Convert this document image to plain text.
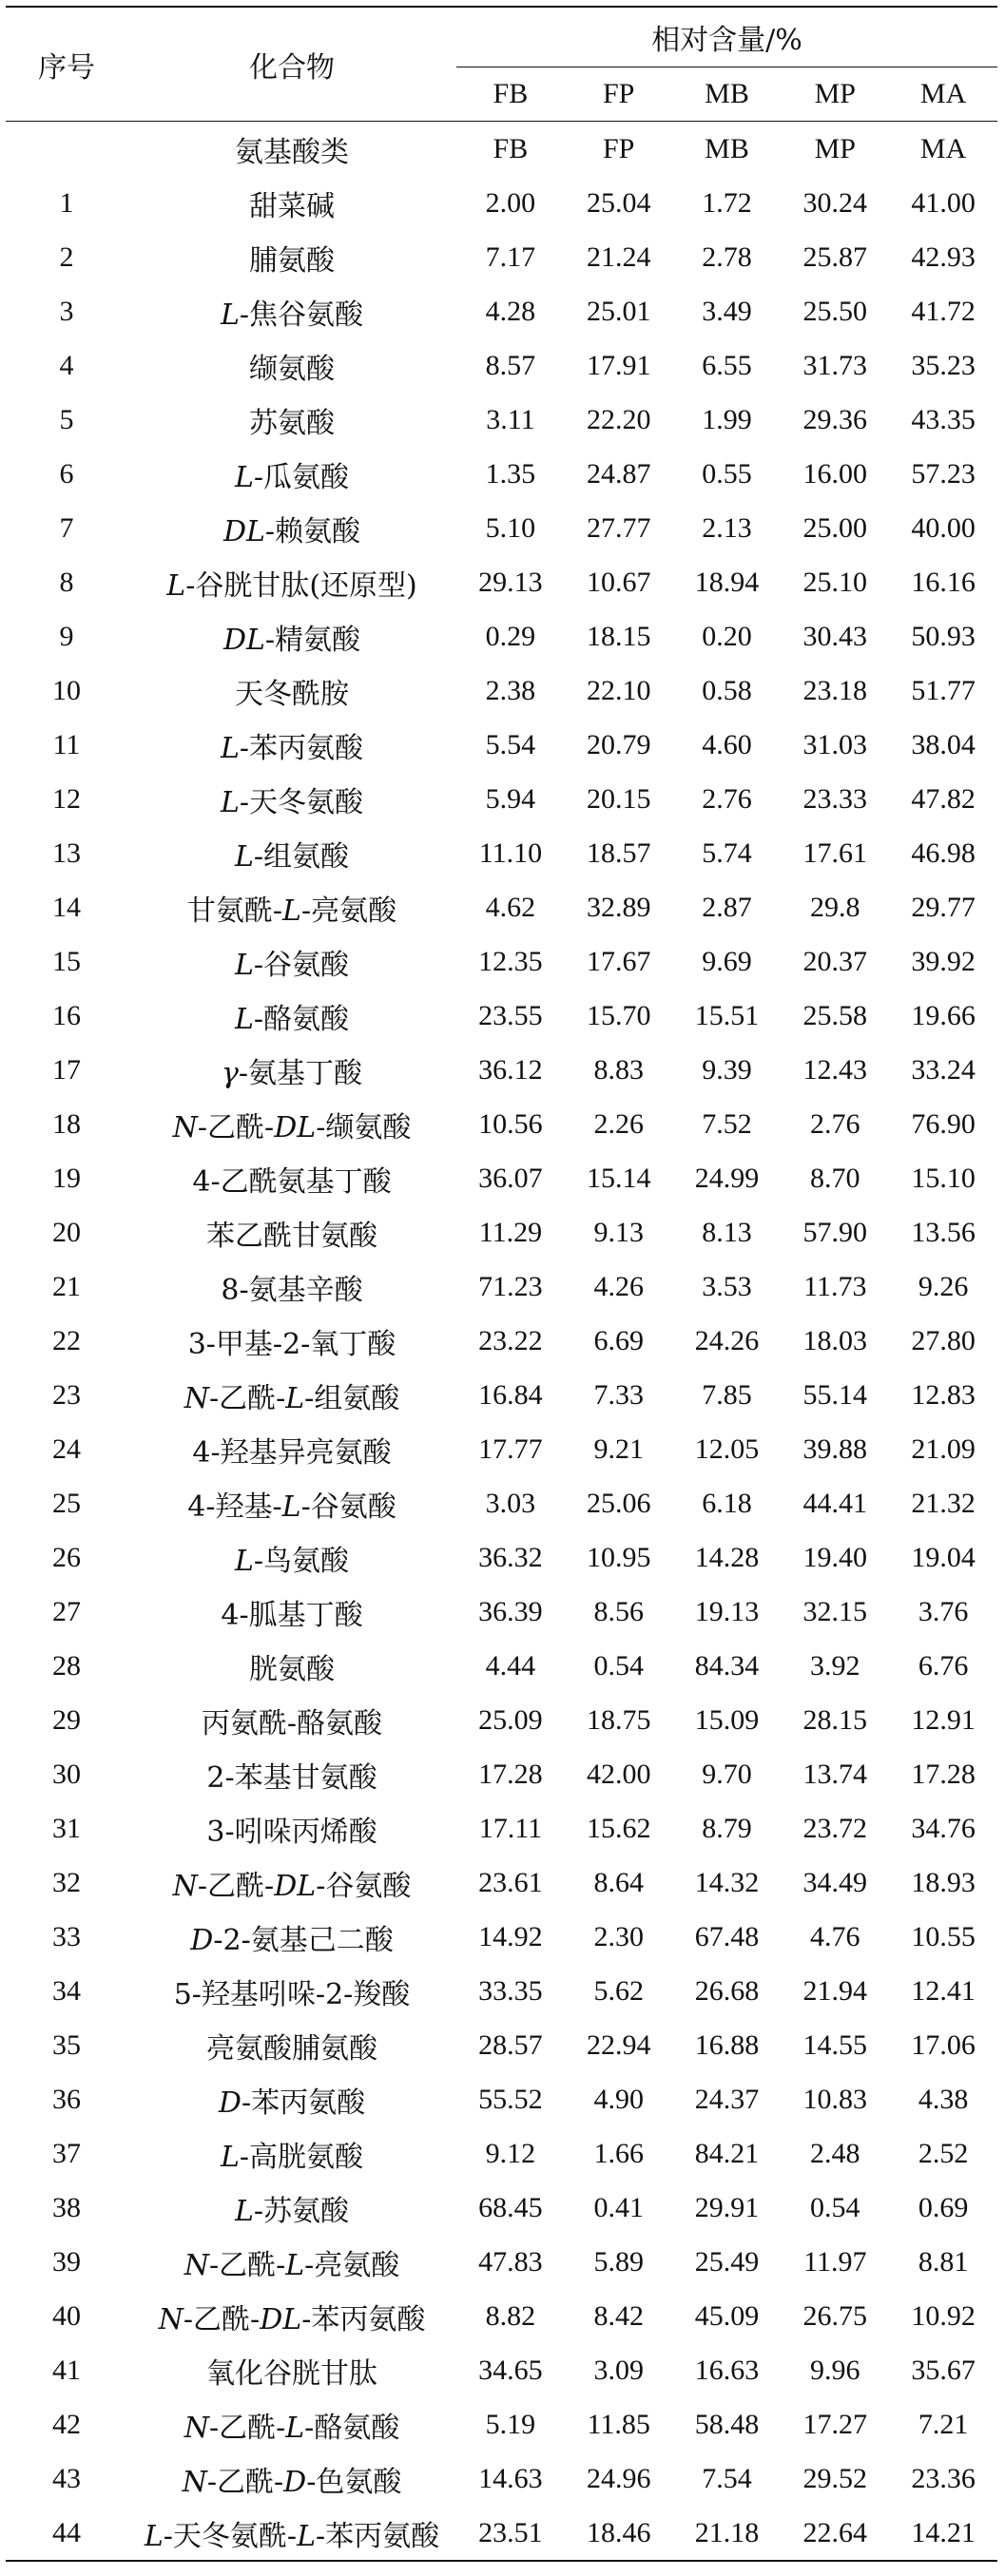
序号	化合物	相对含量/%				
		FB	FP	MB	MP	MA
	氨基酸类	FB	FP	MB	MP	MA
1	甜菜碱	2.00	25.04	1.72	30.24	41.00
2	脯氨酸	7.17	21.24	2.78	25.87	42.93
3	L-焦谷氨酸	4.28	25.01	3.49	25.50	41.72
4	缬氨酸	8.57	17.91	6.55	31.73	35.23
5	苏氨酸	3.11	22.20	1.99	29.36	43.35
6	L-瓜氨酸	1.35	24.87	0.55	16.00	57.23
7	DL-赖氨酸	5.10	27.77	2.13	25.00	40.00
8	L-谷胱甘肽(还原型)	29.13	10.67	18.94	25.10	16.16
9	DL-精氨酸	0.29	18.15	0.20	30.43	50.93
10	天冬酰胺	2.38	22.10	0.58	23.18	51.77
11	L-苯丙氨酸	5.54	20.79	4.60	31.03	38.04
12	L-天冬氨酸	5.94	20.15	2.76	23.33	47.82
13	L-组氨酸	11.10	18.57	5.74	17.61	46.98
14	甘氨酰-L-亮氨酸	4.62	32.89	2.87	29.8	29.77
15	L-谷氨酸	12.35	17.67	9.69	20.37	39.92
16	L-酪氨酸	23.55	15.70	15.51	25.58	19.66
17	γ-氨基丁酸	36.12	8.83	9.39	12.43	33.24
18	N-乙酰-DL-缬氨酸	10.56	2.26	7.52	2.76	76.90
19	4-乙酰氨基丁酸	36.07	15.14	24.99	8.70	15.10
20	苯乙酰甘氨酸	11.29	9.13	8.13	57.90	13.56
21	8-氨基辛酸	71.23	4.26	3.53	11.73	9.26
22	3-甲基-2-氧丁酸	23.22	6.69	24.26	18.03	27.80
23	N-乙酰-L-组氨酸	16.84	7.33	7.85	55.14	12.83
24	4-羟基异亮氨酸	17.77	9.21	12.05	39.88	21.09
25	4-羟基-L-谷氨酸	3.03	25.06	6.18	44.41	21.32
26	L-鸟氨酸	36.32	10.95	14.28	19.40	19.04
27	4-胍基丁酸	36.39	8.56	19.13	32.15	3.76
28	胱氨酸	4.44	0.54	84.34	3.92	6.76
29	丙氨酰-酪氨酸	25.09	18.75	15.09	28.15	12.91
30	2-苯基甘氨酸	17.28	42.00	9.70	13.74	17.28
31	3-吲哚丙烯酸	17.11	15.62	8.79	23.72	34.76
32	N-乙酰-DL-谷氨酸	23.61	8.64	14.32	34.49	18.93
33	D-2-氨基己二酸	14.92	2.30	67.48	4.76	10.55
34	5-羟基吲哚-2-羧酸	33.35	5.62	26.68	21.94	12.41
35	亮氨酸脯氨酸	28.57	22.94	16.88	14.55	17.06
36	D-苯丙氨酸	55.52	4.90	24.37	10.83	4.38
37	L-高胱氨酸	9.12	1.66	84.21	2.48	2.52
38	L-苏氨酸	68.45	0.41	29.91	0.54	0.69
39	N-乙酰-L-亮氨酸	47.83	5.89	25.49	11.97	8.81
40	N-乙酰-DL-苯丙氨酸	8.82	8.42	45.09	26.75	10.92
41	氧化谷胱甘肽	34.65	3.09	16.63	9.96	35.67
42	N-乙酰-L-酪氨酸	5.19	11.85	58.48	17.27	7.21
43	N-乙酰-D-色氨酸	14.63	24.96	7.54	29.52	23.36
44	L-天冬氨酰-L-苯丙氨酸	23.51	18.46	21.18	22.64	14.21
